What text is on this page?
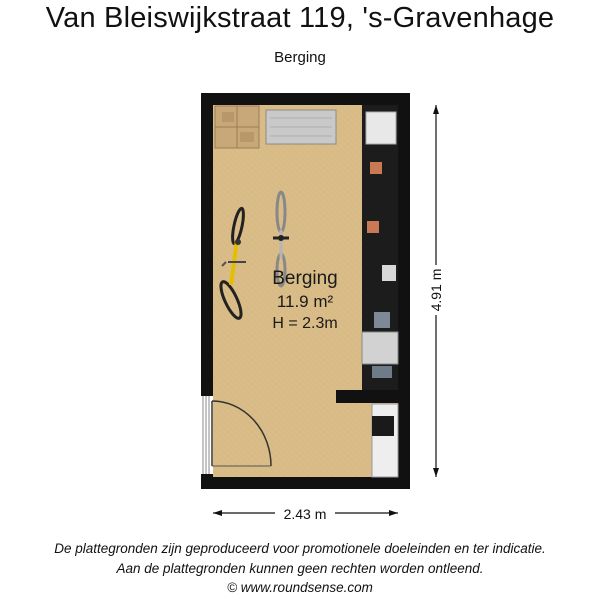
Van Bleiswijkstraat 119, 's-Gravenhage
Berging
Berging
11.9 m²
H = 2.3m
2.43 m
4.91 m
De plattegronden zijn geproduceerd voor promotionele doeleinden en ter indicatie.
Aan de plattegronden kunnen geen rechten worden ontleend.
© www.roundsense.com
